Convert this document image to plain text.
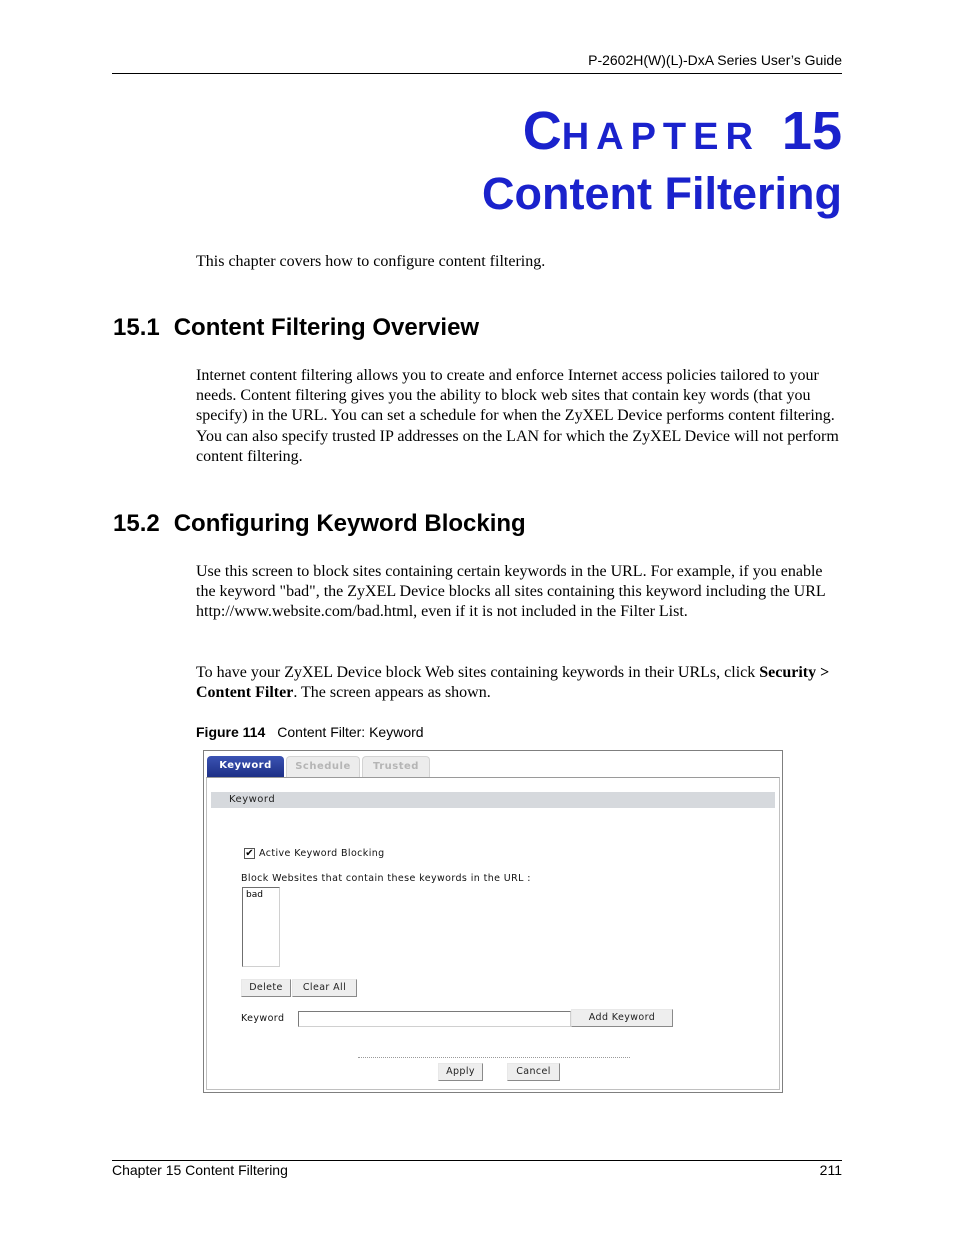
P-2602H(W)(L)-DxA Series User’s Guide
CHAPTER 15
Content Filtering

This chapter covers how to configure content filtering.

15.1 Content Filtering Overview

Internet content filtering allows you to create and enforce Internet access policies tailored to your needs. Content filtering gives you the ability to block web sites that contain key words (that you specify) in the URL. You can set a schedule for when the ZyXEL Device performs content filtering. You can also specify trusted IP addresses on the LAN for which the ZyXEL Device will not perform content filtering.

15.2 Configuring Keyword Blocking

Use this screen to block sites containing certain keywords in the URL. For example, if you enable the keyword "bad", the ZyXEL Device blocks all sites containing this keyword including the URL http://www.website.com/bad.html, even if it is not included in the Filter List.

To have your ZyXEL Device block Web sites containing keywords in their URLs, click Security > Content Filter. The screen appears as shown.

Figure 114 Content Filter: Keyword
Keyword	Schedule	Trusted
Keyword
✔ Active Keyword Blocking
Block Websites that contain these keywords in the URL :
bad
Delete	Clear All
Keyword	Add Keyword
Apply	Cancel
Chapter 15 Content Filtering	211
